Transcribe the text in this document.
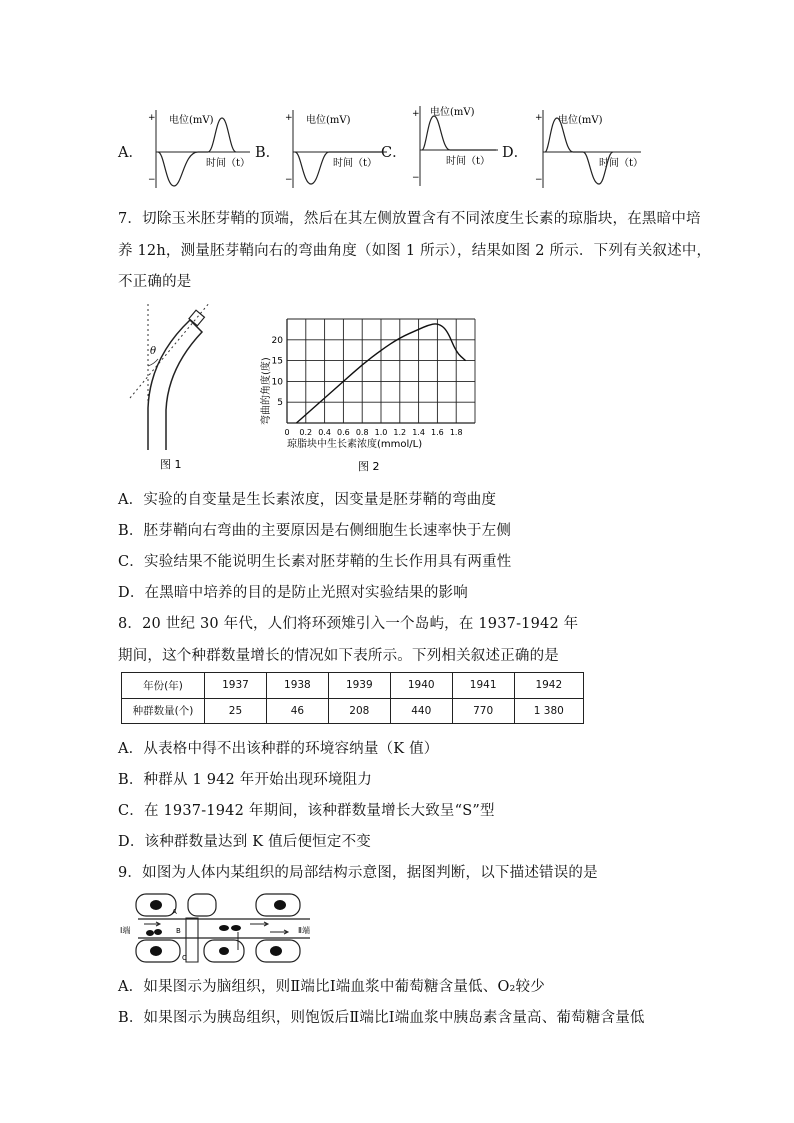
A．	B．	C．	D．
+
−
电位(mV)
时间（t）
+
−
电位(mV)
时间（t）
+
−
电位(mV)
时间（t）
+
−
电位(mV)
时间（t）
7．切除玉米胚芽鞘的顶端，然后在其左侧放置含有不同浓度生长素的琼脂块，在黑暗中培
养 12h，测量胚芽鞘向右的弯曲角度（如图 1 所示），结果如图 2 所示．下列有关叙述中，
不正确的是
θ
图 1
5
10
15
20
0 0.2 0.4 0.6 0.8 1.0 1.2 1.4 1.6 1.8
弯曲的角度(度)
琼脂块中生长素浓度(mmol/L)
图 2
A．实验的自变量是生长素浓度，因变量是胚芽鞘的弯曲度
B．胚芽鞘向右弯曲的主要原因是右侧细胞生长速率快于左侧
C．实验结果不能说明生长素对胚芽鞘的生长作用具有两重性
D．在黑暗中培养的目的是防止光照对实验结果的影响
8．20 世纪 30 年代，人们将环颈雉引入一个岛屿，在 1937-1942 年
期间，这个种群数量增长的情况如下表所示。下列相关叙述正确的是
年份(年)	1937	1938	1939	1940	1941	1942
种群数量(个)	25	46	208	440	770	1 380
A．从表格中得不出该种群的环境容纳量（K 值）
B．种群从 1 942 年开始出现环境阻力
C．在 1937-1942 年期间，该种群数量增长大致呈“S”型
D．该种群数量达到 K 值后便恒定不变
9．如图为人体内某组织的局部结构示意图，据图判断，以下描述错误的是
A
Ⅰ端	Ⅱ端
B
C
A．如果图示为脑组织，则Ⅱ端比Ⅰ端血浆中葡萄糖含量低、O₂较少
B．如果图示为胰岛组织，则饱饭后Ⅱ端比Ⅰ端血浆中胰岛素含量高、葡萄糖含量低
